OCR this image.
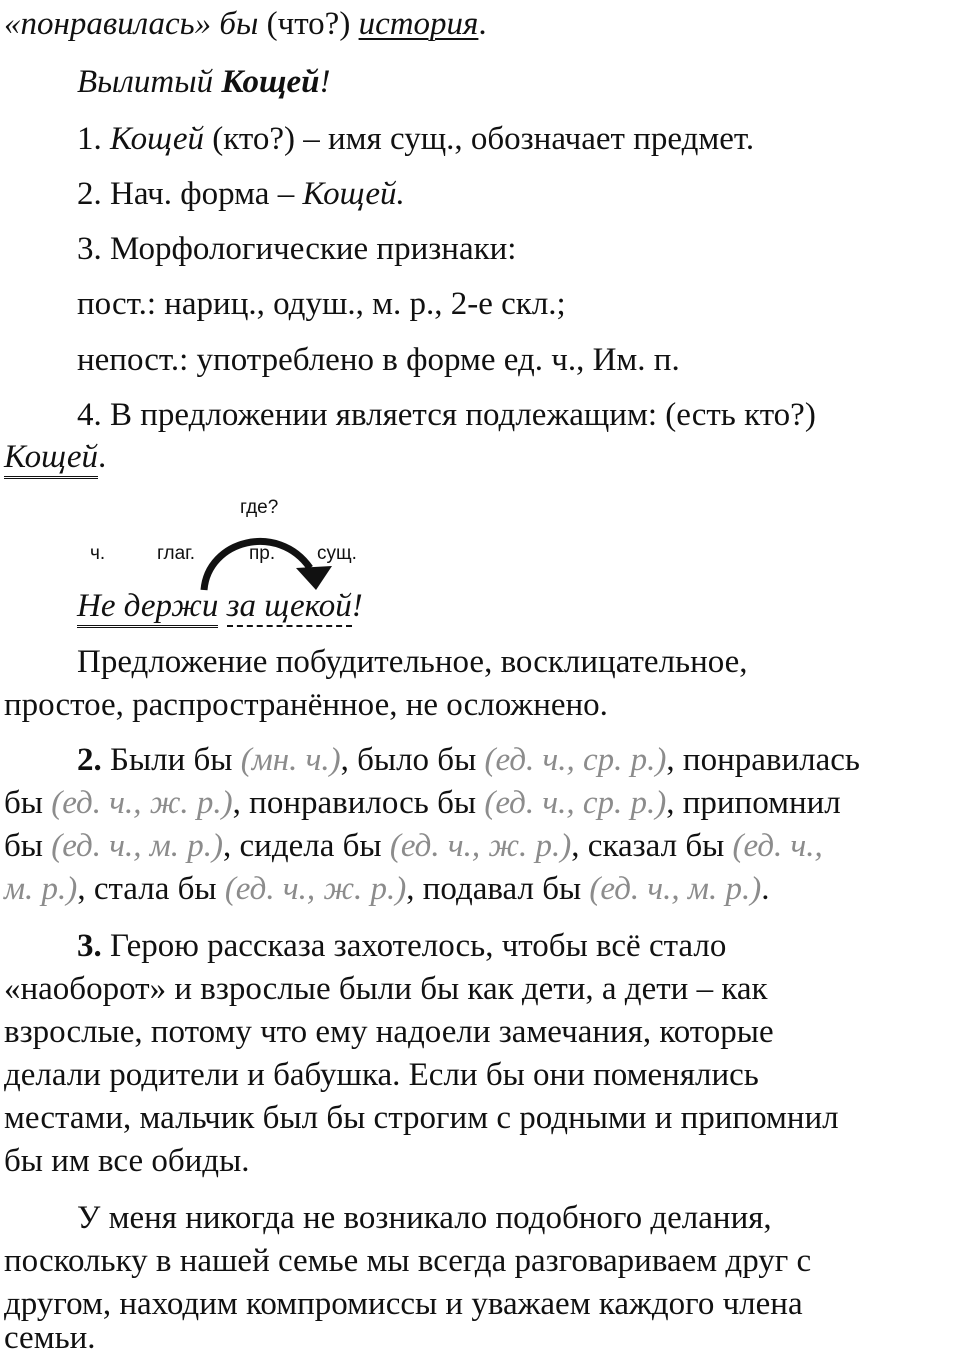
«понравилась» бы (что?) история.
Вылитый Кощей!
1. Кощей (кто?) – имя сущ., обозначает предмет.
2. Нач. форма – Кощей.
3. Морфологические признаки:
пост.: нариц., одуш., м. р., 2-е скл.;
непост.: употреблено в форме ед. ч., Им. п.
4. В предложении является подлежащим: (есть кто?)
Кощей.
где?
ч.	глаг.	пр. сущ.
Не держи за щекой!
Предложение побудительное, восклицательное,
простое, распространённое, не осложнено.
2. Были бы (мн. ч.), было бы (ед. ч., ср. р.), понравилась
бы (ед. ч., ж. р.), понравилось бы (ед. ч., ср. р.), припомнил
бы (ед. ч., м. р.), сидела бы (ед. ч., ж. р.), сказал бы (ед. ч.,
м. р.), стала бы (ед. ч., ж. р.), подавал бы (ед. ч., м. р.).
3. Герою рассказа захотелось, чтобы всё стало
«наоборот» и взрослые были бы как дети, а дети – как
взрослые, потому что ему надоели замечания, которые
делали родители и бабушка. Если бы они поменялись
местами, мальчик был бы строгим с родными и припомнил
бы им все обиды.
У меня никогда не возникало подобного делания,
поскольку в нашей семье мы всегда разговариваем друг с
другом, находим компромиссы и уважаем каждого члена
семьи.
